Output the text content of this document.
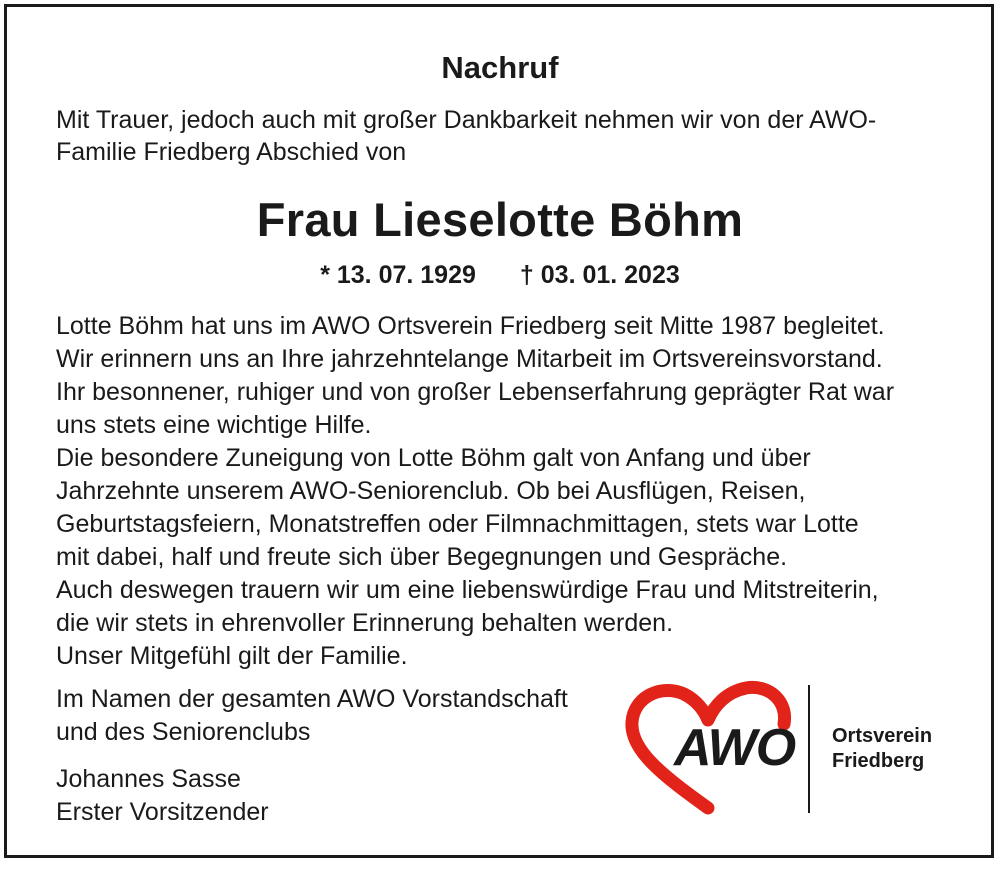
Nachruf
Mit Trauer, jedoch auch mit großer Dankbarkeit nehmen wir von der AWO-
Familie Friedberg Abschied von
Frau Lieselotte Böhm
* 13. 07. 1929 † 03. 01. 2023
Lotte Böhm hat uns im AWO Ortsverein Friedberg seit Mitte 1987 begleitet.
Wir erinnern uns an Ihre jahrzehntelange Mitarbeit im Ortsvereinsvorstand.
Ihr besonnener, ruhiger und von großer Lebenserfahrung geprägter Rat war
uns stets eine wichtige Hilfe.
Die besondere Zuneigung von Lotte Böhm galt von Anfang und über
Jahrzehnte unserem AWO-Seniorenclub. Ob bei Ausflügen, Reisen,
Geburtstagsfeiern, Monatstreffen oder Filmnachmittagen, stets war Lotte
mit dabei, half und freute sich über Begegnungen und Gespräche.
Auch deswegen trauern wir um eine liebenswürdige Frau und Mitstreiterin,
die wir stets in ehrenvoller Erinnerung behalten werden.
Unser Mitgefühl gilt der Familie.
Im Namen der gesamten AWO Vorstandschaft
und des Seniorenclubs
Johannes Sasse
Erster Vorsitzender
AWO Ortsverein
Friedberg
